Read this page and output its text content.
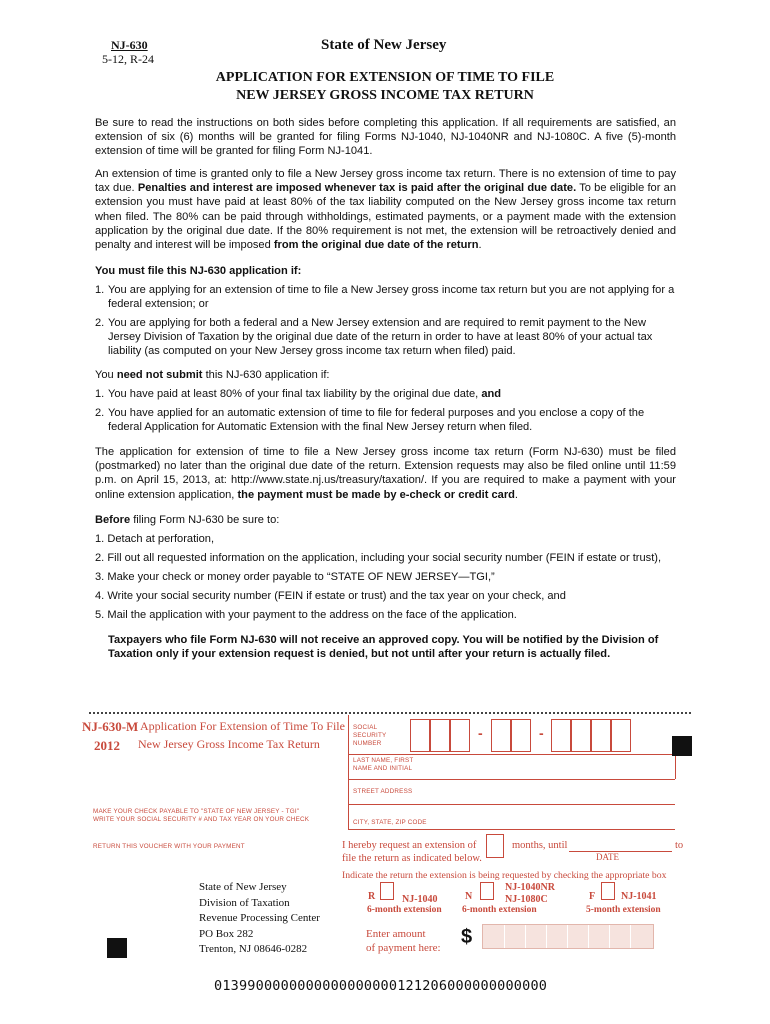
NJ-630
5-12, R-24
State of New Jersey
APPLICATION FOR EXTENSION OF TIME TO FILE
NEW JERSEY GROSS INCOME TAX RETURN
Be sure to read the instructions on both sides before completing this application. If all requirements are satisfied, an extension of six (6) months will be granted for filing Forms NJ-1040, NJ-1040NR and NJ-1080C. A five (5)-month extension of time will be granted for filing Form NJ-1041.
An extension of time is granted only to file a New Jersey gross income tax return. There is no extension of time to pay tax due. Penalties and interest are imposed whenever tax is paid after the original due date. To be eligible for an extension you must have paid at least 80% of the tax liability computed on the New Jersey gross income tax return when filed. The 80% can be paid through withholdings, estimated payments, or a payment made with the extension application by the original due date. If the 80% requirement is not met, the extension will be retroactively denied and penalty and interest will be imposed from the original due date of the return.
You must file this NJ-630 application if:
1. You are applying for an extension of time to file a New Jersey gross income tax return but you are not applying for a federal extension; or
2. You are applying for both a federal and a New Jersey extension and are required to remit payment to the New Jersey Division of Taxation by the original due date of the return in order to have at least 80% of your actual tax liability (as computed on your New Jersey gross income tax return when filed) paid.
You need not submit this NJ-630 application if:
1. You have paid at least 80% of your final tax liability by the original due date, and
2. You have applied for an automatic extension of time to file for federal purposes and you enclose a copy of the federal Application for Automatic Extension with the final New Jersey return when filed.
The application for extension of time to file a New Jersey gross income tax return (Form NJ-630) must be filed (postmarked) no later than the original due date of the return. Extension requests may also be filed online until 11:59 p.m. on April 15, 2013, at: http://www.state.nj.us/treasury/taxation/. If you are required to make a payment with your online extension application, the payment must be made by e-check or credit card.
Before filing Form NJ-630 be sure to:
1. Detach at perforation,
2. Fill out all requested information on the application, including your social security number (FEIN if estate or trust),
3. Make your check or money order payable to “STATE OF NEW JERSEY—TGI,”
4. Write your social security number (FEIN if estate or trust) and the tax year on your check, and
5. Mail the application with your payment to the address on the face of the application.
Taxpayers who file Form NJ-630 will not receive an approved copy. You will be notified by the Division of Taxation only if your extension request is denied, but not until after your return is actually filed.
NJ-630-M
2012
Application For Extension of Time To File
New Jersey Gross Income Tax Return
SOCIAL
SECURITY
NUMBER
-	-
LAST NAME, FIRST
NAME AND INITIAL
STREET ADDRESS
CITY, STATE, ZIP CODE
MAKE YOUR CHECK PAYABLE TO "STATE OF NEW JERSEY - TGI"
WRITE YOUR SOCIAL SECURITY # AND TAX YEAR ON YOUR CHECK
RETURN THIS VOUCHER WITH YOUR PAYMENT	I hereby request an extension of	months, until	to
file the return as indicated below.	DATE
Indicate the return the extension is being requested by checking the appropriate box
R	NJ-1040
6-month extension
N
NJ-1040NR
NJ-1080C
6-month extension
F	NJ-1041
5-month extension
State of New Jersey
Division of Taxation
Revenue Processing Center
PO Box 282
Trenton, NJ 08646-0282
Enter amount
of payment here: $
0139900000000000000000121206000000000000
